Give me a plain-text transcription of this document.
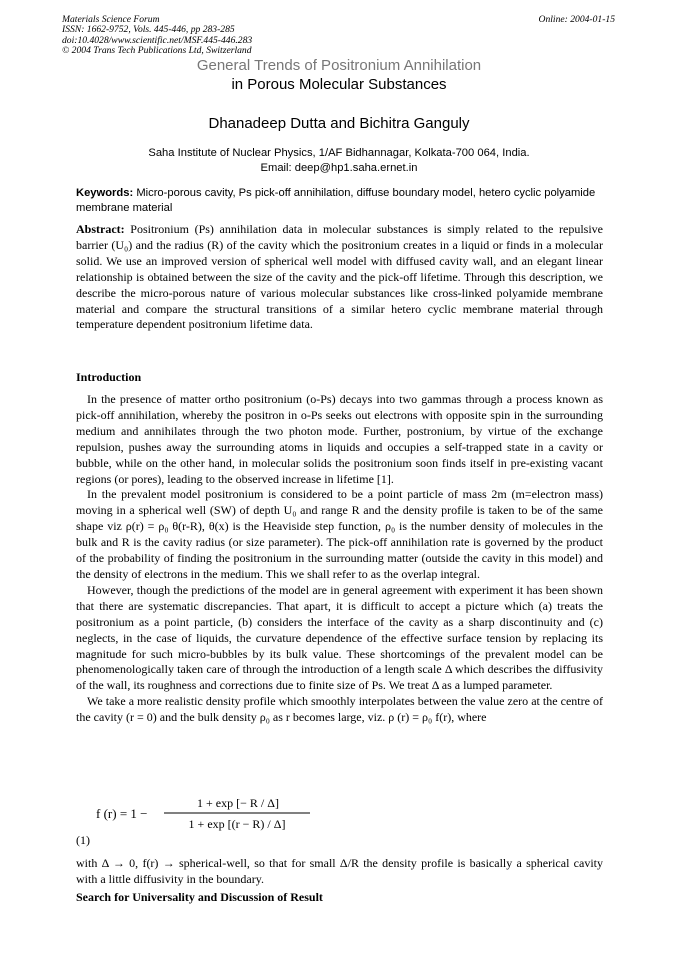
Materials Science Forum
ISSN: 1662-9752, Vols. 445-446, pp 283-285
doi:10.4028/www.scientific.net/MSF.445-446.283
© 2004 Trans Tech Publications Ltd, Switzerland
Online: 2004-01-15
General Trends of Positronium Annihilation
in Porous Molecular Substances
Dhanadeep Dutta and Bichitra Ganguly
Saha Institute of Nuclear Physics, 1/AF Bidhannagar, Kolkata-700 064, India.
Email: deep@hp1.saha.ernet.in
Keywords: Micro-porous cavity, Ps pick-off annihilation, diffuse boundary model, hetero cyclic polyamide membrane material

Abstract: Positronium (Ps) annihilation data in molecular substances is simply related to the repulsive barrier (U₀) and the radius (R) of the cavity which the positronium creates in a liquid or finds in a molecular solid. We use an improved version of spherical well model with diffused cavity wall, and an elegant linear relationship is obtained between the size of the cavity and the pick-off lifetime. Through this description, we describe the micro-porous nature of various molecular substances like cross-linked polyamide membrane material and compare the structural transitions of a similar hetero cyclic membrane material through temperature dependent positronium lifetime data.

Introduction

In the presence of matter ortho positronium (o-Ps) decays into two gammas through a process known as pick-off annihilation, whereby the positron in o-Ps seeks out electrons with opposite spin in the surrounding medium and annihilates through the two photon mode. Further, postronium, by virtue of the exchange repulsion, pushes away the surrounding atoms in liquids and occupies a self-trapped state in a cavity or bubble, while on the other hand, in molecular solids the positronium soon finds itself in pre-existing vacant regions (or pores), leading to the observed increase in lifetime [1].

In the prevalent model positronium is considered to be a point particle of mass 2m (m=electron mass) moving in a spherical well (SW) of depth U₀ and range R and the density profile is taken to be of the same shape viz ρ(r) = ρ₀ θ(r-R), θ(x) is the Heaviside step function, ρ₀ is the number density of molecules in the bulk and R is the cavity radius (or size parameter). The pick-off annihilation rate is governed by the product of the probability of finding the positronium in the surrounding matter (outside the cavity in this model) and the density of electrons in the medium. This we shall refer to as the overlap integral.

However, though the predictions of the model are in general agreement with experiment it has been shown that there are systematic discrepancies. That apart, it is difficult to accept a picture which (a) treats the positronium as a point particle, (b) considers the interface of the cavity as a sharp discontinuity and (c) neglects, in the case of liquids, the curvature dependence of the effective surface tension by replacing its magnitude for such micro-bubbles by its bulk value. These shortcomings of the prevalent model can be phenomenologically taken care of through the introduction of a length scale Δ which describes the diffusivity of the wall, its roughness and corrections due to finite size of Ps. We treat Δ as a lumped parameter.

We take a more realistic density profile which smoothly interpolates between the value zero at the centre of the cavity (r = 0) and the bulk density ρ₀ as r becomes large, viz. ρ (r) = ρ₀ f(r), where

f (r) = 1 −
1 + exp [− R / Δ]
1 + exp [(r − R) / Δ]
(1)
with Δ → 0, f(r) → spherical-well, so that for small Δ/R the density profile is basically a spherical cavity with a little diffusivity in the boundary.
Search for Universality and Discussion of Result
